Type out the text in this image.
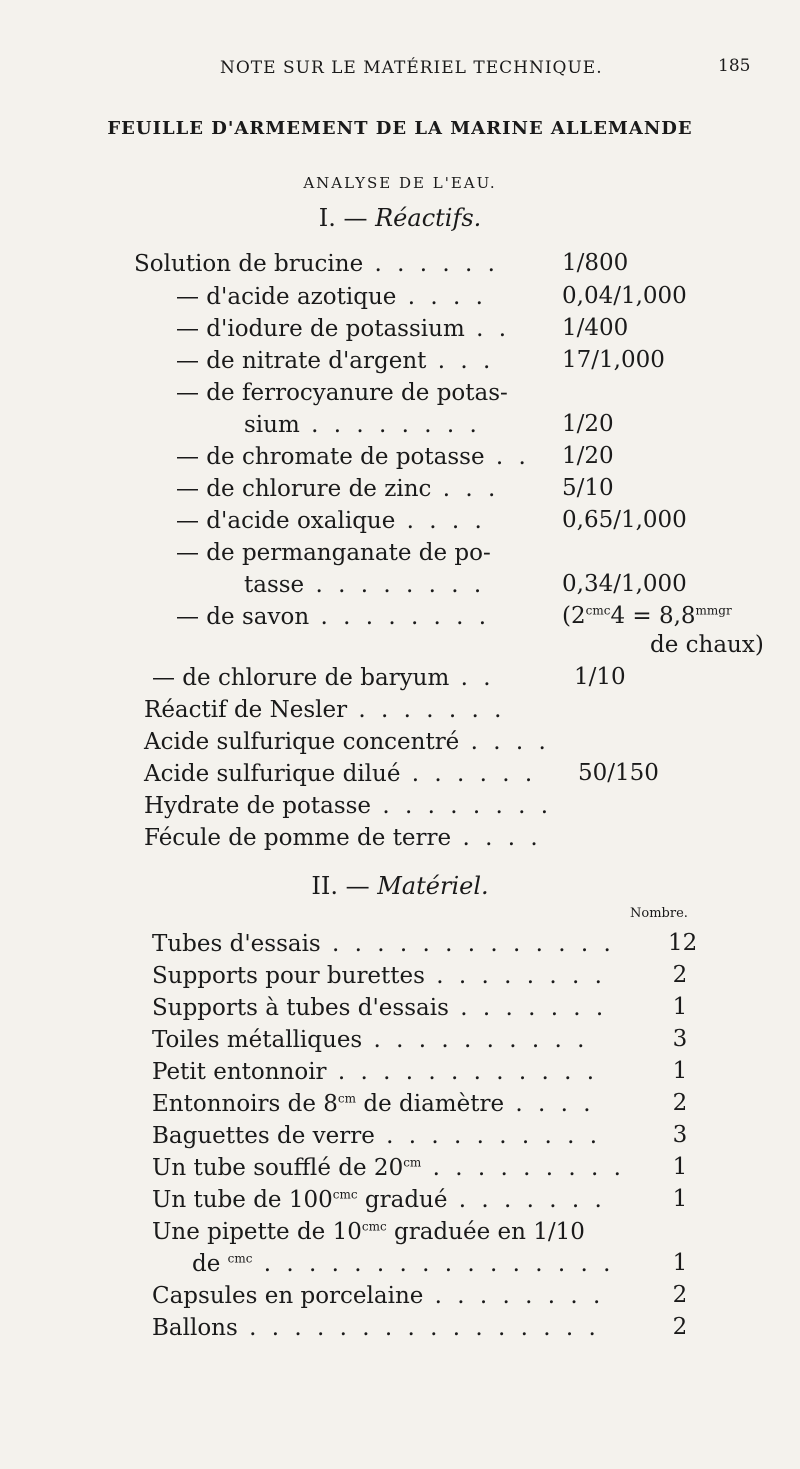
NOTE SUR LE MATÉRIEL TECHNIQUE.	185
FEUILLE D'ARMEMENT DE LA MARINE ALLEMANDE
ANALYSE DE L'EAU.
I. — Réactifs.
Solution de brucine . . . . . .	1/800
— d'acide azotique . . . .	0,04/1,000
— d'iodure de potassium . . 1/400
— de nitrate d'argent . . .	17/1,000
— de ferrocyanure de potas-
sium . . . . . . . .	1/20
— de chromate de potasse . . 1/20
— de chlorure de zinc . . .	5/10
— d'acide oxalique . . . .	0,65/1,000
— de permanganate de po-
tasse . . . . . . . .	0,34/1,000
— de savon . . . . . . . .	($2^{cmc}4 = 8,8^{mmgr}$
de chaux)
— de chlorure de baryum . .	1/10
Réactif de Nesler . . . . . . .
Acide sulfurique concentré . . . .
Acide sulfurique dilué . . . . . . 50/150
Hydrate de potasse . . . . . . . .
Fécule de pomme de terre . . . .
II. — Matériel.
Nombre.
Tubes d'essais . . . . . . . . . . . . . 12
Supports pour burettes . . . . . . . .	2
Supports à tubes d'essais . . . . . . .	1
Toiles métalliques . . . . . . . . . .	3
Petit entonnoir . . . . . . . . . . . .	1
Entonnoirs de $8^{cm}$ de diamètre . . . .	2
Baguettes de verre . . . . . . . . . .	3
Un tube soufflé de $20^{cm}$ . . . . . . . . . 1
Un tube de $100^{cmc}$ gradué . . . . . . .	1
Une pipette de $10^{cmc}$ graduée en 1/10
de $^{cmc}$ . . . . . . . . . . . . . . . .	1
Capsules en porcelaine . . . . . . . .	2
Ballons . . . . . . . . . . . . . . . .	2
